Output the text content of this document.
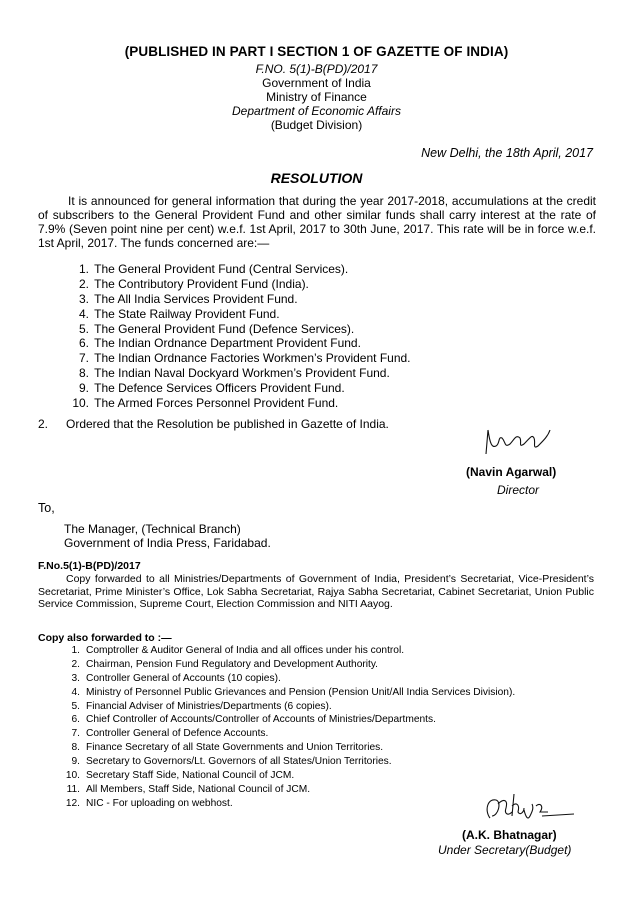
(PUBLISHED IN PART I SECTION 1 OF GAZETTE OF INDIA)
F.NO. 5(1)-B(PD)/2017
Government of India
Ministry of Finance
Department of Economic Affairs
(Budget Division)
New Delhi, the 18th April, 2017
RESOLUTION
It is announced for general information that during the year 2017-2018, accumulations at the credit of subscribers to the General Provident Fund and other similar funds shall carry interest at the rate of 7.9% (Seven point nine per cent) w.e.f. 1st April, 2017 to 30th June, 2017. This rate will be in force w.e.f. 1st April, 2017. The funds concerned are:—
1. The General Provident Fund (Central Services).
2. The Contributory Provident Fund (India).
3. The All India Services Provident Fund.
4. The State Railway Provident Fund.
5. The General Provident Fund (Defence Services).
6. The Indian Ordnance Department Provident Fund.
7. The Indian Ordnance Factories Workmen’s Provident Fund.
8. The Indian Naval Dockyard Workmen’s Provident Fund.
9. The Defence Services Officers Provident Fund.
10. The Armed Forces Personnel Provident Fund.
2. Ordered that the Resolution be published in Gazette of India.
(Navin Agarwal)
Director
To,
The Manager, (Technical Branch)
Government of India Press, Faridabad.
F.No.5(1)-B(PD)/2017
Copy forwarded to all Ministries/Departments of Government of India, President’s Secretariat, Vice-President’s Secretariat, Prime Minister’s Office, Lok Sabha Secretariat, Rajya Sabha Secretariat, Cabinet Secretariat, Union Public Service Commission, Supreme Court, Election Commission and NITI Aayog.
Copy also forwarded to :—
1. Comptroller & Auditor General of India and all offices under his control.
2. Chairman, Pension Fund Regulatory and Development Authority.
3. Controller General of Accounts (10 copies).
4. Ministry of Personnel Public Grievances and Pension (Pension Unit/All India Services Division).
5. Financial Adviser of Ministries/Departments (6 copies).
6. Chief Controller of Accounts/Controller of Accounts of Ministries/Departments.
7. Controller General of Defence Accounts.
8. Finance Secretary of all State Governments and Union Territories.
9. Secretary to Governors/Lt. Governors of all States/Union Territories.
10. Secretary Staff Side, National Council of JCM.
11. All Members, Staff Side, National Council of JCM.
12. NIC - For uploading on webhost.
(A.K. Bhatnagar)
Under Secretary(Budget)
